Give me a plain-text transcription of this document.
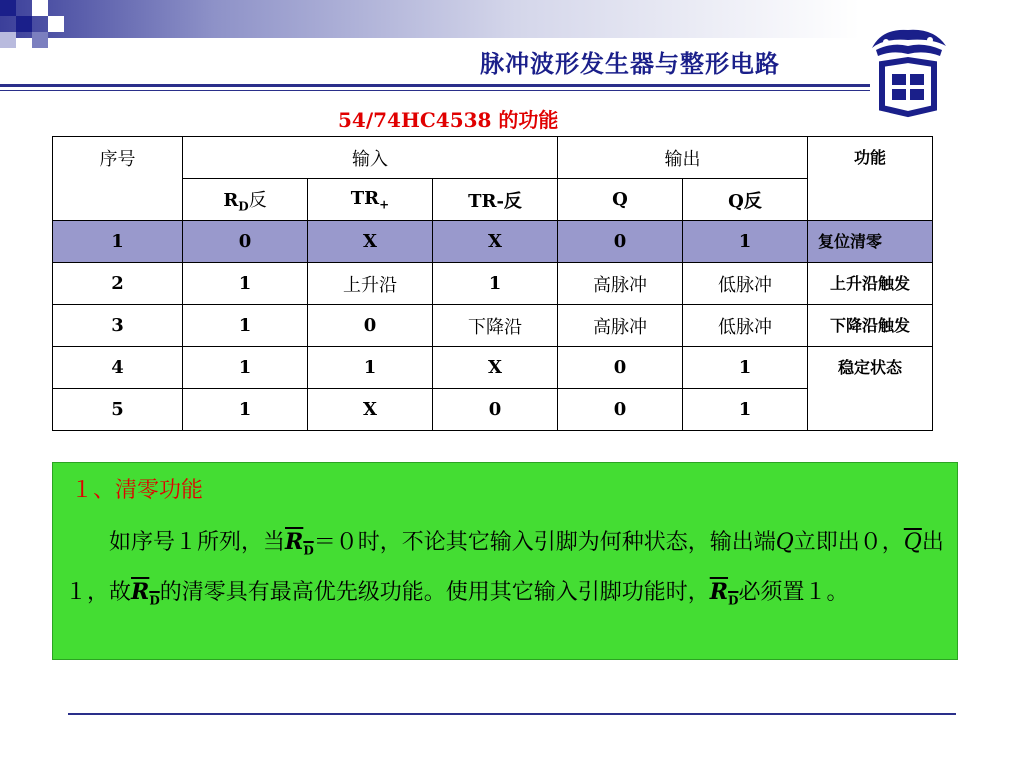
脉冲波形发生器与整形电路
54/74HC4538 的功能
序号	输入			输出		功能
	$R_D$反	$TR_+$	TR-反	Q	Q反	
1	0	X	X	0	1	复位清零
2	1	上升沿	1	高脉冲	低脉冲	上升沿触发
3	1	0	下降沿	高脉冲	低脉冲	下降沿触发
4	1	1	X	0	1	稳定状态
5	1	X	0	0	1	
１、清零功能
如序号１所列，当$R_D=0$时，不论其它输入引脚为何种状态，输出端Q立即出０，$\overline{Q}$出１，故$R_D$的清零具有最高优先级功能。使用其它输入引脚功能时，$R_D$必须置１。
